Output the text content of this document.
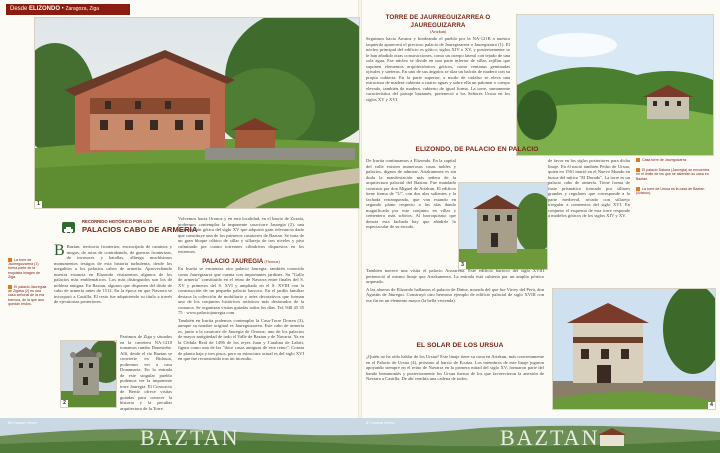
Desde ELIZONDO • Zaragoza, Ziga
1
La torre de Jaurreguizarrea (1) forma parte de la exquisita imagen de Ziga.
El palacio Jaureguia de Zigaka (2) es una casa señorial de la era barroca, de la que aun quedan restos.
RECORRIDO HISTÓRICO POR LOS
PALACIOS CABO DE ARMERÍA
B Baztan, territorio fronterizo, encrucijada de caminos y mugas, de rutas de contrabando, de guerras fronterizas, de invasores y batallas, alberga muchísimos monumentos testigos de esta historia turbulenta, desde los megalitos a los palacios cabos de armería. Aprovechando nuestra estancia en Elizondo visitaremos algunos de los palacios más emblemáticos. Los más distinguidos son los de nobleza antigua. En Baztan, algunos que disponen del título de cabo de armería antes de 1512. En la época en que Navarra se incorporó a Castilla. El resto fue adquiriendo su título a través de ejecutorias posteriores.
2
Partimos de Ziga y situados en la carretera NA-1210 tomamos rumbo Donestebe. Allí, desde el río Baztan se convierte en Bidasoa, podremos ver a casa Donamaria. En la entrada de este singular pueblo podemos ver la imponente torre Jauregia. El Consorcio de Bertiz ofrece visitas guiadas para conocer la historia y la peculiar arquitectura de la Torre.
Volvemos hacia Oronoz y en esta localidad, en el barrio de Zozaia, podremos contemplar la imponente casa-torre Jauregia (2), una construcción gótica del siglo XV que adquirió gran relevancia dado que constituye una de los primeros casatorres de Baztan. Se trata de un gran bloque cúbico de sillar y sillarejo de tres niveles y piso culminado por cuatro torreones cilíndricos dispuestos en los extremos.
PALACIO JAUREGIA (Oronoz)
En Irurita se encuentra otro palacio Jauregia, también conocido como Jauregizarra que cuenta con importantes jardines. Su "Gallo de armería" constituido en el reino de Navarra entre finales del S. XV y primeros del S. XVI y ampliado en el S. XVIII con la construcción de un pequeño palacio barroco. En el jardín familiar destaca la colección de mobiliario y artes decorativos que forman uno de los conjuntos históricos artísticos más destacados de la comarca. Se organizan visitas guiadas todos los días. Tel. 948 45 35 75 · www.palaciojauregia.com
También en Irurita podemos contemplar la Casa-Torre Dorrea (3), aunque su nombre original es Jaureguizarrea. Este cabo de armería es, junto a la casatorre de Jauregia de Oronoz, uno de los palacios de mayor antigüedad de todo el Valle de Baztan y de Navarra. Ya en la Cédula Real de 1496 de los reyes Juan y Catalina de Labrit, figura como una de las "doce casas antiguas de este reino". Consta de planta baja y tres pisos, pero su estructura actual es del siglo XVI en que fue reconstruida tras un incendio.
TORRE DE JAURREGUIZARREA O JAUREGUIZARRA
(Arizkun)
Seguimos hacia Arraioz y bordeando el pueblo por la NA-121B a nuestra izquierda aparecerá el precioso palacio de Jauregizarrea o Jauregizarra (1). El núcleo principal del edificio es gótico, siglos XIV o XV, y posteriormente se le han añadido otras construcciones, como un cuerpo lateral con tejado de una sola agua. Ese núcleo se divide en una parte inferior de sillar, rejillas que suponen elementos arquitectónicos góticos, como ventanas geminadas ojivales y saeteras. En uno de sus ángulos se alza un balcón de madera con su propia cubierta. En la parte superior, a modo de cadalso se eleva una estructura de madera cubierta a cuatro aguas y sobre ella un palomar o cuerpo elevado, también de madera, cubierto de igual forma. La torre, sumamente característica del paisaje baztanés, perteneció a los Señores Ursua en los siglos XV y XVI.
ELIZONDO, DE PALACIO EN PALACIO
De Irurita continuamos a Elizondo. En la capital del valle existen numerosas casas nobles y palacios, dignos de admirar. Arizkunenea es sin duda la manifestación más señera de la arquitectura palacial del Baztan. Fue mandado construir por don Miguel de Arizkun. El edificio tiene forma de "U", con dos alas salientes y la fachada retranqueada, que van estando en segundo plano respecto a las alas dando magnificada por este conjunto en villar y cementero más sobrios. Al barroquismo que denota esta fachada hay que añadirle lo espectacular de su escudo.
3
También merece una visita el palacio Arozarena. Este edificio barroco del siglo XVIII perteneció al mismo linaje que Arizkunenea. La entrada está cubierta por un amplio pórtico arqueado.
A las afueras de Elizondo hallamos el palacio de Datue, morada del que fue Virrey del Perú, don Agustín de Jáuregui. Construyó otro hermoso ejemplo de edificio palacial de siglo XVIII con ese fin en un elemento mayor (la bella vivienda).
de favor en los siglos posteriores para dicha linaje. En él nació también Pedro de Ursua, quien en 1561 murió en el Nuevo Mundo en busca del mítico "El Dorado". La torre es un palacio cabo de armería. Tiene forma de fuste prismática formado por sillares grandes y regulares que corresponde a la parte medieval, secado con sillarejo irregular a comienzos del siglo XVI. En conjunto el esquema de esta torre responde a modelos góticos de los siglos XIV y XV.
Casa torre de Jaurrguizarra.
El palacio Datuea (Jauregia) se encuentra en el límite de los que se asientan su casa en Baztan.
La torre de Ursua es la casa de Baztan (Arizkun).
EL SOLAR DE LOS URSUA
¿Quién no ha oído hablar de los Ursua? Este linaje tiene su cuna en Arizkun, más concretamente en el Palacio de Ursua (4), próximo al barrio de Ecuiza. Los miembros de este linaje jugaron apoyando siempre en el reino de Navarra en la primera mitad del siglo XV, formaron parte del bando beaumontés y posteriormente los Ursua fueron de los que favorecieron la anexión de Navarra a Castilla. De ahí vendría una cadena de todos.
4
86 euskal herria
BAZTAN
87 euskal herria
BAZTAN
